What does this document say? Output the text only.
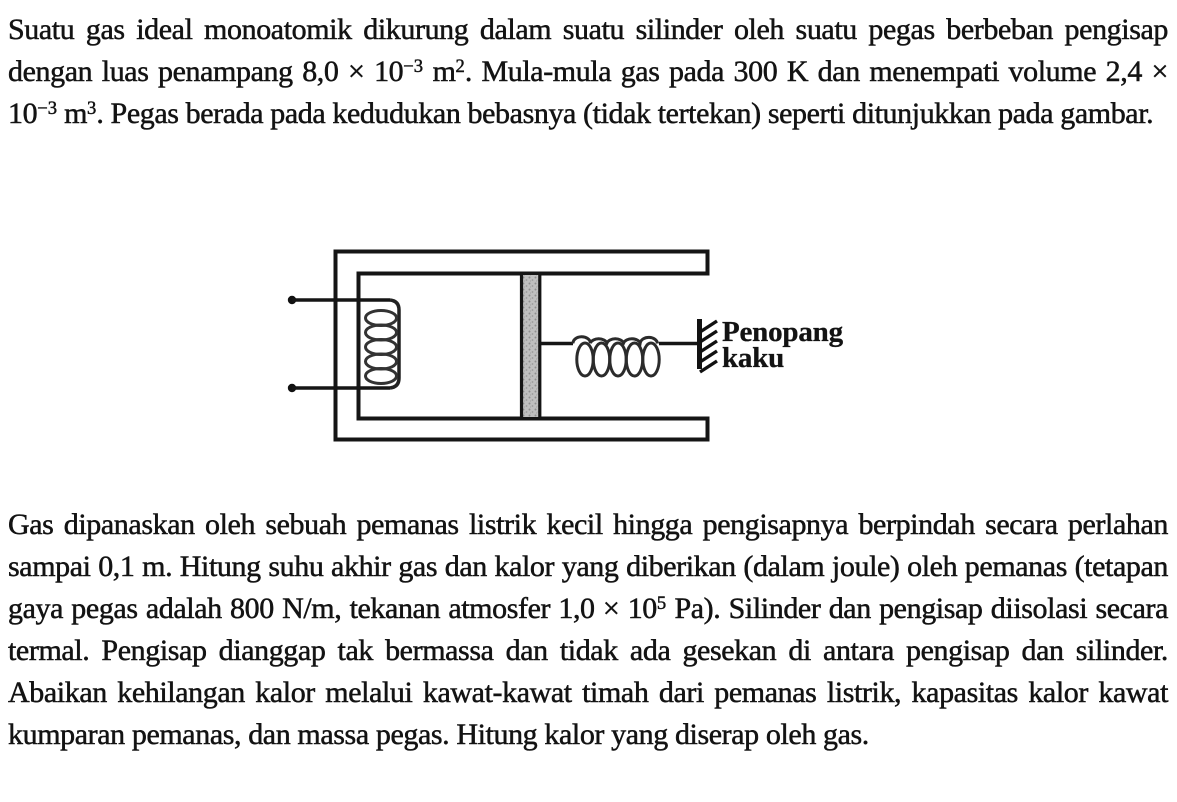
Suatu gas ideal monoatomik dikurung dalam suatu silinder oleh suatu pegas berbeban pengisap dengan luas penampang $8,0 \times 10^{-3}$ $m^2$. Mula-mula gas pada 300 K dan menempati volume $2,4 \times 10^{-3}$ $m^3$. Pegas berada pada kedudukan bebasnya (tidak tertekan) seperti ditunjukkan pada gambar.

Penopang
kaku

Gas dipanaskan oleh sebuah pemanas listrik kecil hingga pengisapnya berpindah secara perlahan sampai 0,1 m. Hitung suhu akhir gas dan kalor yang diberikan (dalam joule) oleh pemanas (tetapan gaya pegas adalah 800 N/m, tekanan atmosfer $1,0 \times 10^5$ Pa). Silinder dan pengisap diisolasi secara termal. Pengisap dianggap tak bermassa dan tidak ada gesekan di antara pengisap dan silinder. Abaikan kehilangan kalor melalui kawat-kawat timah dari pemanas listrik, kapasitas kalor kawat kumparan pemanas, dan massa pegas. Hitung kalor yang diserap oleh gas.
